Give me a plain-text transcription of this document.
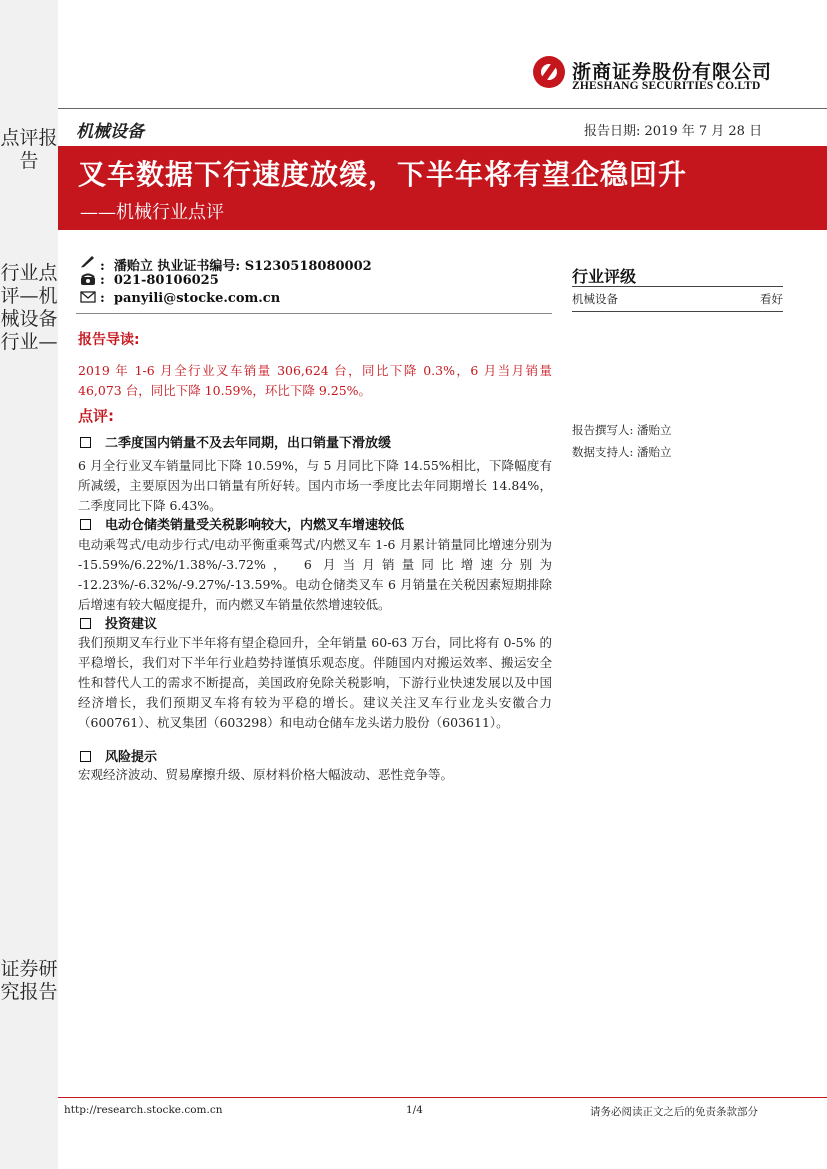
点评报告
行业点评—机械设备行业—
证券研究报告
浙商证券股份有限公司
ZHESHANG SECURITIES CO.LTD
机械设备	报告日期: 2019 年 7 月 28 日
叉车数据下行速度放缓，下半年将有望企稳回升
——机械行业点评
:  潘贻立 执业证书编号: S1230518080002
:  021-80106025
:  panyili@stocke.com.cn
报告导读:
2019 年 1-6 月全行业叉车销量 306,624 台，同比下降 0.3%，6 月当月销量 46,073 台，同比下降 10.59%，环比下降 9.25%。
点评:
二季度国内销量不及去年同期，出口销量下滑放缓
6 月全行业叉车销量同比下降 10.59%，与 5 月同比下降 14.55%相比，下降幅度有所减缓，主要原因为出口销量有所好转。国内市场一季度比去年同期增长 14.84%，二季度同比下降 6.43%。
电动仓储类销量受关税影响较大，内燃叉车增速较低
电动乘驾式/电动步行式/电动平衡重乘驾式/内燃叉车 1-6 月累计销量同比增速分别为 -15.59%/6.22%/1.38%/-3.72%， 6 月当月销量同比增速分别为 -12.23%/-6.32%/-9.27%/-13.59%。电动仓储类叉车 6 月销量在关税因素短期排除后增速有较大幅度提升，而内燃叉车销量依然增速较低。
投资建议
我们预期叉车行业下半年将有望企稳回升，全年销量 60-63 万台，同比将有 0-5% 的平稳增长，我们对下半年行业趋势持谨慎乐观态度。伴随国内对搬运效率、搬运安全性和替代人工的需求不断提高，美国政府免除关税影响，下游行业快速发展以及中国经济增长，我们预期叉车将有较为平稳的增长。建议关注叉车行业龙头安徽合力（600761）、杭叉集团（603298）和电动仓储车龙头诺力股份（603611）。
风险提示
宏观经济波动、贸易摩擦升级、原材料价格大幅波动、恶性竞争等。
行业评级
机械设备	看好
报告撰写人: 潘贻立
数据支持人: 潘贻立
http://research.stocke.com.cn	1/4	请务必阅读正文之后的免责条款部分
